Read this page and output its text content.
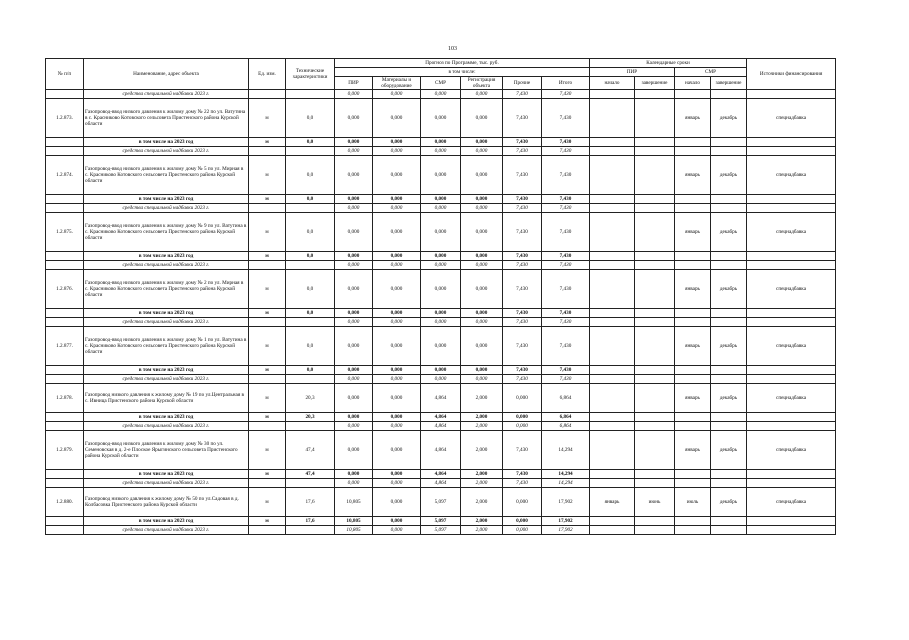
103
№ п/п	Наименование, адрес объекта	Ед. изм.	Технические характеристики	Прогноз по Программе, тыс. руб.						Календарные сроки				Источники финансирования
				в том числе:						ПИР		СМР		
				ПИР	Материалы и оборудование	СМР	Регистрация объекта	Прочие	Итого	начало	завершение	начало	завершение	
	средства специальной надбавки 2023 г.			0,000	0,000	0,000	0,000	7,430	7,430					
1.2.873.	Газопровод-ввод низкого давления к жилому дому № 22 по ул. Ватутина в с. Красниково Котовского сельсовета Пристенского района Курской области	м	0,0	0,000	0,000	0,000	0,000	7,430	7,430			январь	декабрь	спецнадбавка
	в том числе на 2023 год	м	0,0	0,000	0,000	0,000	0,000	7,430	7,430					
	средства специальной надбавки 2023 г.			0,000	0,000	0,000	0,000	7,430	7,430					
1.2.874.	Газопровод-ввод низкого давления к жилому дому № 5 по ул. Мирная в с. Красниково Котовского сельсовета Пристенского района Курской области	м	0,0	0,000	0,000	0,000	0,000	7,430	7,430			январь	декабрь	спецнадбавка
	в том числе на 2023 год	м	0,0	0,000	0,000	0,000	0,000	7,430	7,430					
	средства специальной надбавки 2023 г.			0,000	0,000	0,000	0,000	7,430	7,430					
1.2.875.	Газопровод-ввод низкого давления к жилому дому № 9 по ул. Ватутина в с. Красниково Котовского сельсовета Пристенского района Курской области	м	0,0	0,000	0,000	0,000	0,000	7,430	7,430			январь	декабрь	спецнадбавка
	в том числе на 2023 год	м	0,0	0,000	0,000	0,000	0,000	7,430	7,430					
	средства специальной надбавки 2023 г.			0,000	0,000	0,000	0,000	7,430	7,430					
1.2.876.	Газопровод-ввод низкого давления к жилому дому № 2 по ул. Мирная в с. Красниково Котовского сельсовета Пристенского района Курской области	м	0,0	0,000	0,000	0,000	0,000	7,430	7,430			январь	декабрь	спецнадбавка
	в том числе на 2023 год	м	0,0	0,000	0,000	0,000	0,000	7,430	7,430					
	средства специальной надбавки 2023 г.			0,000	0,000	0,000	0,000	7,430	7,430					
1.2.877.	Газопровод-ввод низкого давления к жилому дому № 1 по ул. Ватутина в с. Красниково Котовского сельсовета Пристенского района Курской области	м	0,0	0,000	0,000	0,000	0,000	7,430	7,430			январь	декабрь	спецнадбавка
	в том числе на 2023 год	м	0,0	0,000	0,000	0,000	0,000	7,430	7,430					
	средства специальной надбавки 2023 г.			0,000	0,000	0,000	0,000	7,430	7,430					
1.2.878.	Газопровод низкого давления к жилому дому № 19 по ул.Центральная в с. Ивница Пристенского района Курской области	м	20,3	0,000	0,000	4,864	2,000	0,000	6,864			январь	декабрь	спецнадбавка
	в том числе на 2023 год	м	20,3	0,000	0,000	4,864	2,000	0,000	6,864					
	средства специальной надбавки 2023 г.			0,000	0,000	4,864	2,000	0,000	6,864					
1.2.879.	Газопровод-ввод низкого давления к жилому дому № 30 по ул. Семеновская в д. 2-е Плоское Ярыгинского сельсовета Пристенского района Курской области	м	47,4	0,000	0,000	4,864	2,000	7,430	14,294			январь	декабрь	спецнадбавка
	в том числе на 2023 год	м	47,4	0,000	0,000	4,864	2,000	7,430	14,294					
	средства специальной надбавки 2023 г.			0,000	0,000	4,864	2,000	7,430	14,294					
1.2.880.	Газопровод низкого давления к жилому дому № 50 по ул.Садовая в д. Колбасовка Пристенского района Курской области	м	17,6	10,805	0,000	5,097	2,000	0,000	17,902	январь	июнь	июль	декабрь	спецнадбавка
	в том числе на 2023 год	м	17,6	10,805	0,000	5,097	2,000	0,000	17,902					
	средства специальной надбавки 2023 г.			10,805	0,000	5,097	2,000	0,000	17,902					
